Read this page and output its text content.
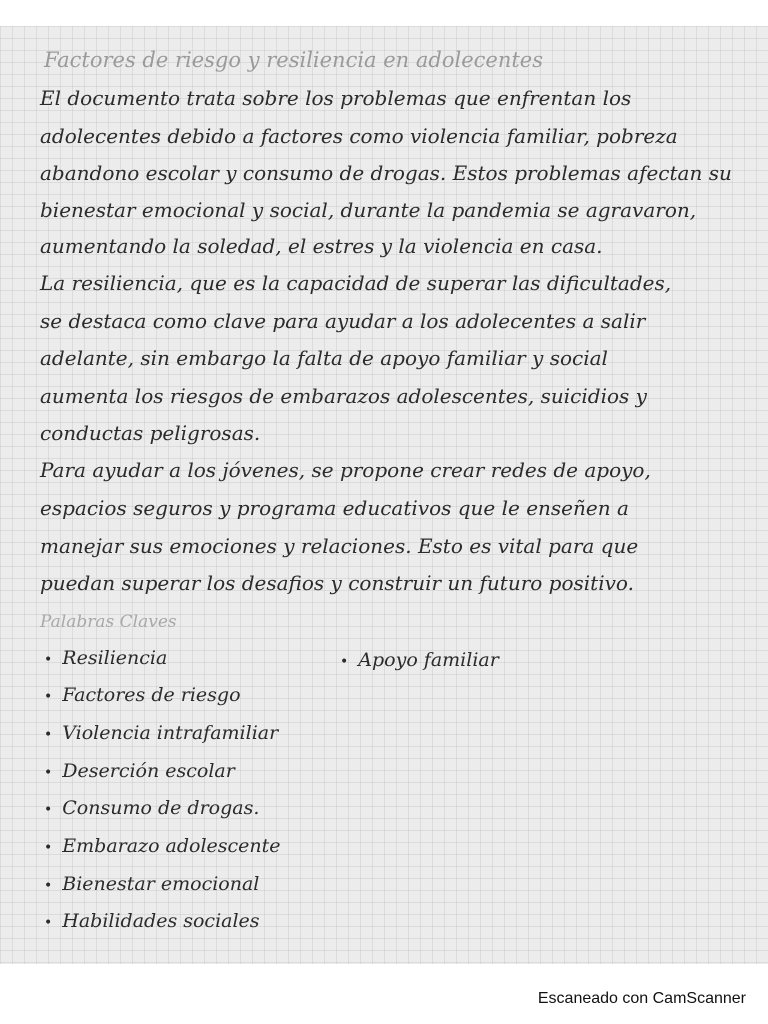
Factores de riesgo y resiliencia en adolecentes
El documento trata sobre los problemas que enfrentan los
adolecentes debido a factores como violencia familiar, pobreza
abandono escolar y consumo de drogas. Estos problemas afectan su
bienestar emocional y social, durante la pandemia se agravaron,
aumentando la soledad, el estres y la violencia en casa.
La resiliencia, que es la capacidad de superar las dificultades,
se destaca como clave para ayudar a los adolecentes a salir
adelante, sin embargo la falta de apoyo familiar y social
aumenta los riesgos de embarazos adolescentes, suicidios y
conductas peligrosas.
Para ayudar a los jóvenes, se propone crear redes de apoyo,
espacios seguros y programa educativos que le enseñen a
manejar sus emociones y relaciones. Esto es vital para que
puedan superar los desafios y construir un futuro positivo.
Palabras Claves
• Resiliencia
• Factores de riesgo
• Violencia intrafamiliar
• Deserción escolar
• Consumo de drogas.
• Embarazo adolescente
• Bienestar emocional
• Habilidades sociales
• Apoyo familiar
Escaneado con CamScanner
